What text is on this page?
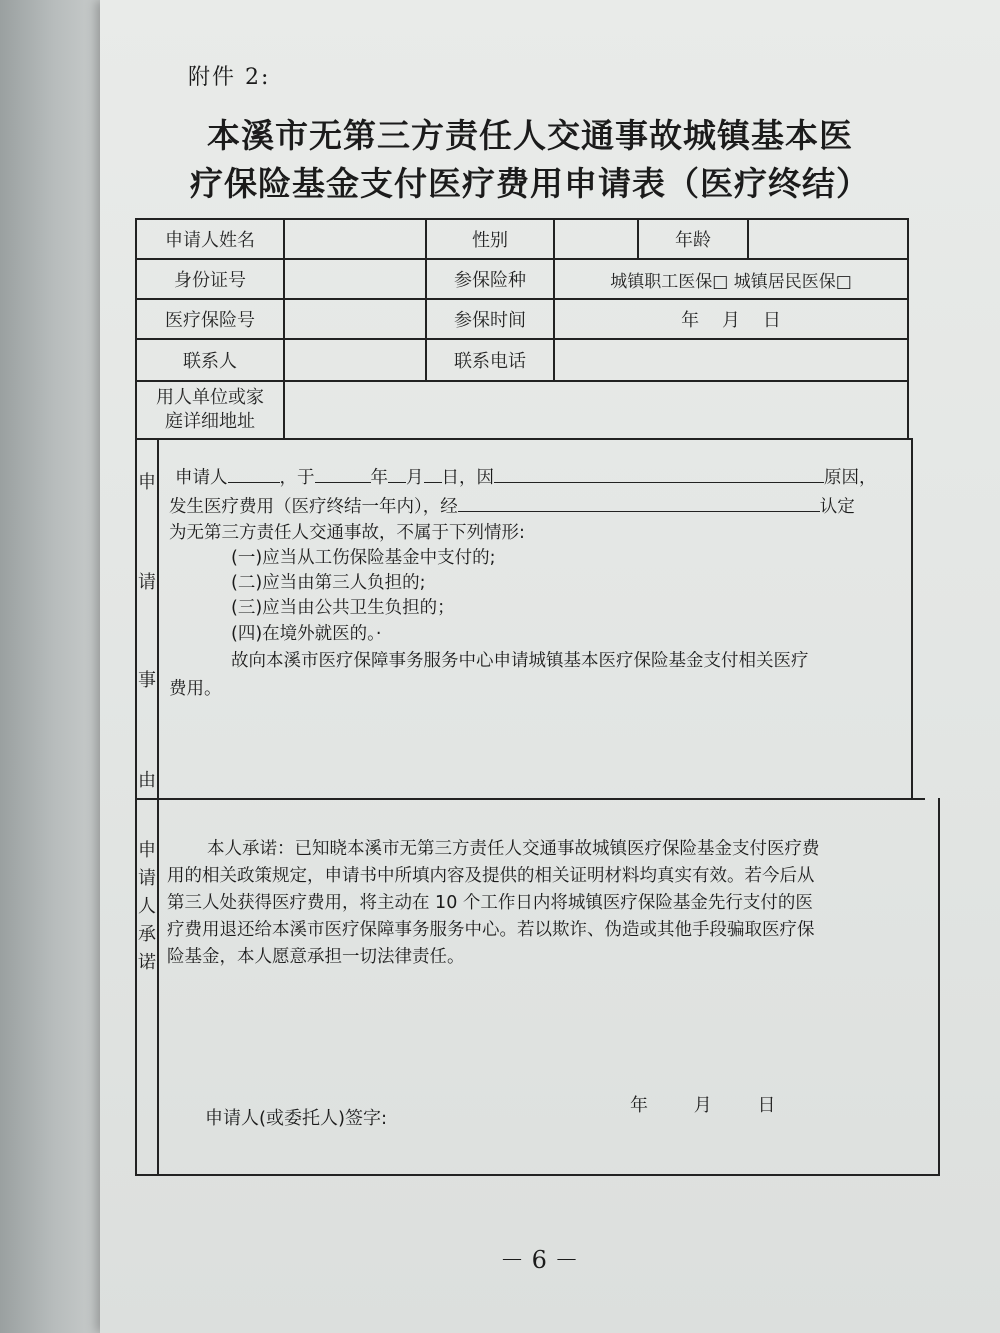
附件 2:
本溪市无第三方责任人交通事故城镇基本医
疗保险基金支付医疗费用申请表（医疗终结）
申请人姓名	性别	年龄
身份证号	参保险种	城镇职工医保□ 城镇居民医保□
医疗保险号	参保时间	年    月    日
联系人	联系电话
用人单位或家
庭详细地址
申
请
事
由
申请人	，于	年 月 日，因	原因，
发生医疗费用（医疗终结一年内），经	认定
为无第三方责任人交通事故，不属于下列情形:
(一)应当从工伤保险基金中支付的;
(二)应当由第三人负担的;
(三)应当由公共卫生负担的；
(四)在境外就医的。·
故向本溪市医疗保障事务服务中心申请城镇基本医疗保险基金支付相关医疗
费用。
申
请
人
承
诺
本人承诺：已知晓本溪市无第三方责任人交通事故城镇医疗保险基金支付医疗费
用的相关政策规定，申请书中所填内容及提供的相关证明材料均真实有效。若今后从
第三人处获得医疗费用，将主动在 10 个工作日内将城镇医疗保险基金先行支付的医
疗费用退还给本溪市医疗保障事务服务中心。若以欺诈、伪造或其他手段骗取医疗保
险基金，本人愿意承担一切法律责任。
申请人(或委托人)签字:
年        月        日
－ 6 －
